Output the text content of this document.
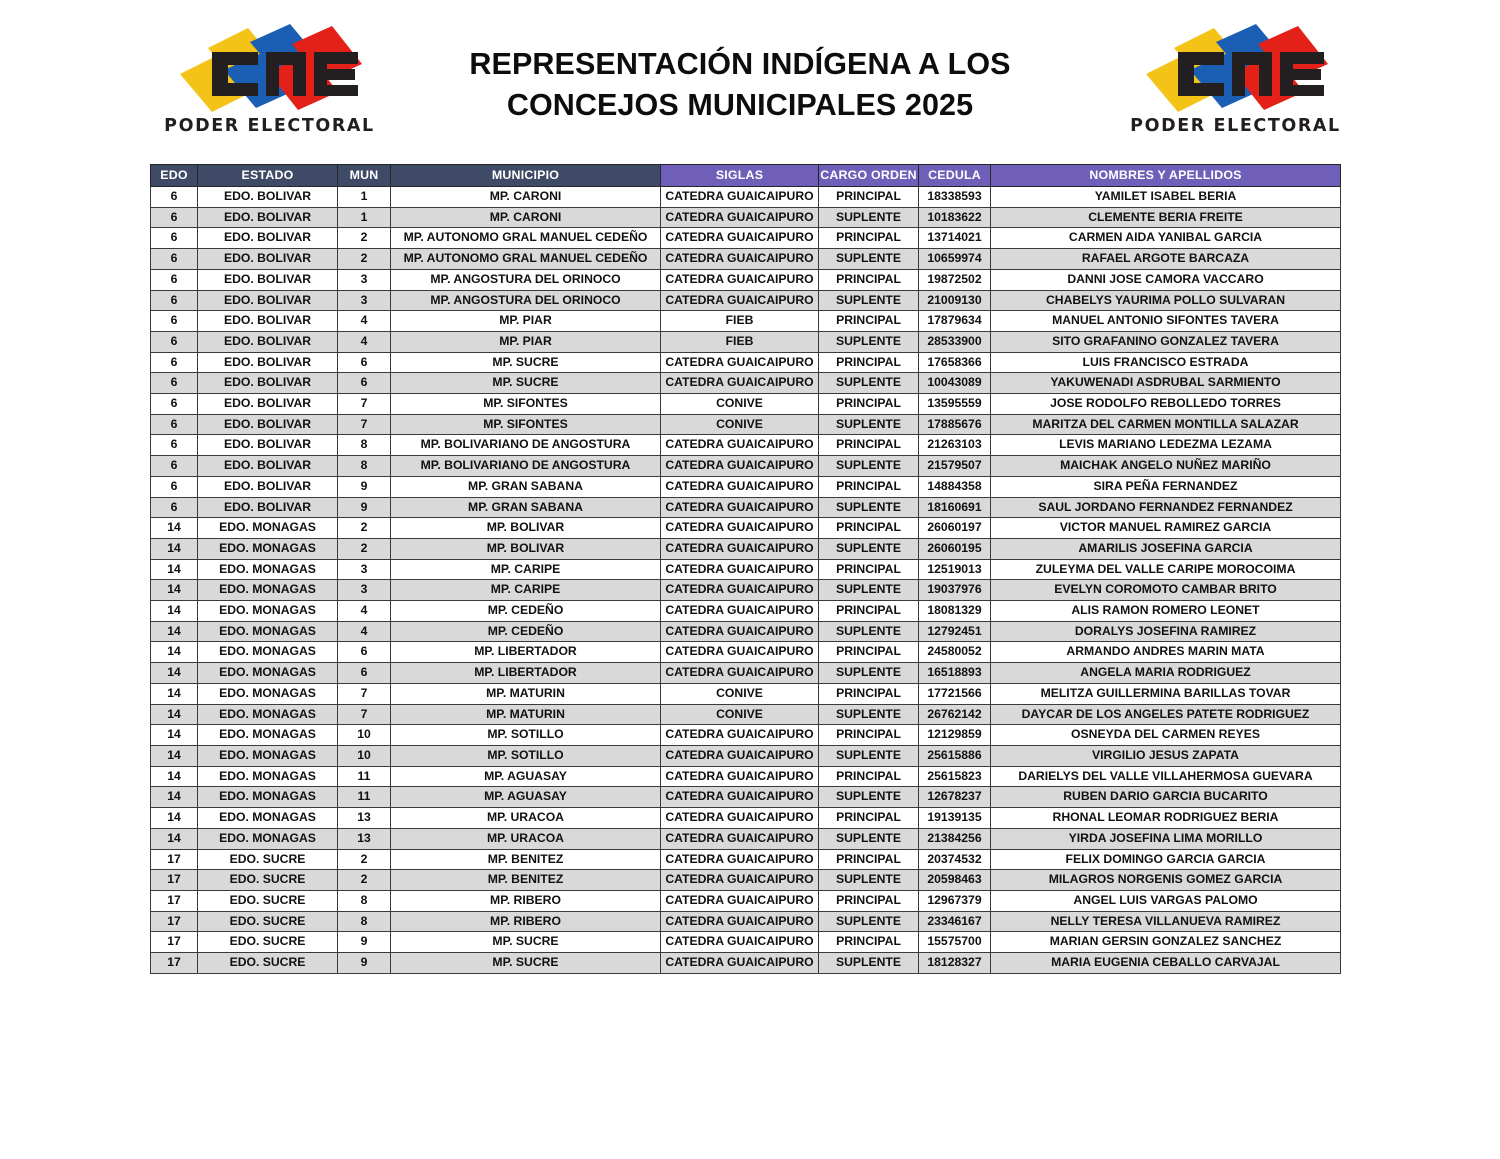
PODER ELECTORAL
REPRESENTACIÓN INDÍGENA A LOS
CONCEJOS MUNICIPALES 2025
PODER ELECTORAL
EDO	ESTADO	MUN	MUNICIPIO	SIGLAS	CARGO ORDEN	CEDULA	NOMBRES Y APELLIDOS
6	EDO. BOLIVAR	1	MP. CARONI	CATEDRA GUAICAIPURO	PRINCIPAL	18338593	YAMILET ISABEL BERIA
6	EDO. BOLIVAR	1	MP. CARONI	CATEDRA GUAICAIPURO	SUPLENTE	10183622	CLEMENTE BERIA FREITE
6	EDO. BOLIVAR	2	MP. AUTONOMO GRAL MANUEL CEDEÑO	CATEDRA GUAICAIPURO	PRINCIPAL	13714021	CARMEN AIDA YANIBAL GARCIA
6	EDO. BOLIVAR	2	MP. AUTONOMO GRAL MANUEL CEDEÑO	CATEDRA GUAICAIPURO	SUPLENTE	10659974	RAFAEL ARGOTE BARCAZA
6	EDO. BOLIVAR	3	MP. ANGOSTURA DEL ORINOCO	CATEDRA GUAICAIPURO	PRINCIPAL	19872502	DANNI JOSE CAMORA VACCARO
6	EDO. BOLIVAR	3	MP. ANGOSTURA DEL ORINOCO	CATEDRA GUAICAIPURO	SUPLENTE	21009130	CHABELYS YAURIMA POLLO SULVARAN
6	EDO. BOLIVAR	4	MP. PIAR	FIEB	PRINCIPAL	17879634	MANUEL ANTONIO SIFONTES TAVERA
6	EDO. BOLIVAR	4	MP. PIAR	FIEB	SUPLENTE	28533900	SITO GRAFANINO GONZALEZ TAVERA
6	EDO. BOLIVAR	6	MP. SUCRE	CATEDRA GUAICAIPURO	PRINCIPAL	17658366	LUIS FRANCISCO ESTRADA
6	EDO. BOLIVAR	6	MP. SUCRE	CATEDRA GUAICAIPURO	SUPLENTE	10043089	YAKUWENADI ASDRUBAL SARMIENTO
6	EDO. BOLIVAR	7	MP. SIFONTES	CONIVE	PRINCIPAL	13595559	JOSE RODOLFO REBOLLEDO TORRES
6	EDO. BOLIVAR	7	MP. SIFONTES	CONIVE	SUPLENTE	17885676	MARITZA DEL CARMEN MONTILLA SALAZAR
6	EDO. BOLIVAR	8	MP. BOLIVARIANO DE ANGOSTURA	CATEDRA GUAICAIPURO	PRINCIPAL	21263103	LEVIS MARIANO LEDEZMA LEZAMA
6	EDO. BOLIVAR	8	MP. BOLIVARIANO DE ANGOSTURA	CATEDRA GUAICAIPURO	SUPLENTE	21579507	MAICHAK ANGELO NUÑEZ MARIÑO
6	EDO. BOLIVAR	9	MP. GRAN SABANA	CATEDRA GUAICAIPURO	PRINCIPAL	14884358	SIRA PEÑA FERNANDEZ
6	EDO. BOLIVAR	9	MP. GRAN SABANA	CATEDRA GUAICAIPURO	SUPLENTE	18160691	SAUL JORDANO FERNANDEZ FERNANDEZ
14	EDO. MONAGAS	2	MP. BOLIVAR	CATEDRA GUAICAIPURO	PRINCIPAL	26060197	VICTOR MANUEL RAMIREZ GARCIA
14	EDO. MONAGAS	2	MP. BOLIVAR	CATEDRA GUAICAIPURO	SUPLENTE	26060195	AMARILIS JOSEFINA GARCIA
14	EDO. MONAGAS	3	MP. CARIPE	CATEDRA GUAICAIPURO	PRINCIPAL	12519013	ZULEYMA DEL VALLE CARIPE MOROCOIMA
14	EDO. MONAGAS	3	MP. CARIPE	CATEDRA GUAICAIPURO	SUPLENTE	19037976	EVELYN COROMOTO CAMBAR BRITO
14	EDO. MONAGAS	4	MP. CEDEÑO	CATEDRA GUAICAIPURO	PRINCIPAL	18081329	ALIS RAMON ROMERO LEONET
14	EDO. MONAGAS	4	MP. CEDEÑO	CATEDRA GUAICAIPURO	SUPLENTE	12792451	DORALYS JOSEFINA RAMIREZ
14	EDO. MONAGAS	6	MP. LIBERTADOR	CATEDRA GUAICAIPURO	PRINCIPAL	24580052	ARMANDO ANDRES MARIN MATA
14	EDO. MONAGAS	6	MP. LIBERTADOR	CATEDRA GUAICAIPURO	SUPLENTE	16518893	ANGELA MARIA RODRIGUEZ
14	EDO. MONAGAS	7	MP. MATURIN	CONIVE	PRINCIPAL	17721566	MELITZA GUILLERMINA BARILLAS TOVAR
14	EDO. MONAGAS	7	MP. MATURIN	CONIVE	SUPLENTE	26762142	DAYCAR DE LOS ANGELES PATETE RODRIGUEZ
14	EDO. MONAGAS	10	MP. SOTILLO	CATEDRA GUAICAIPURO	PRINCIPAL	12129859	OSNEYDA DEL CARMEN REYES
14	EDO. MONAGAS	10	MP. SOTILLO	CATEDRA GUAICAIPURO	SUPLENTE	25615886	VIRGILIO JESUS ZAPATA
14	EDO. MONAGAS	11	MP. AGUASAY	CATEDRA GUAICAIPURO	PRINCIPAL	25615823	DARIELYS DEL VALLE VILLAHERMOSA GUEVARA
14	EDO. MONAGAS	11	MP. AGUASAY	CATEDRA GUAICAIPURO	SUPLENTE	12678237	RUBEN DARIO GARCIA BUCARITO
14	EDO. MONAGAS	13	MP. URACOA	CATEDRA GUAICAIPURO	PRINCIPAL	19139135	RHONAL LEOMAR RODRIGUEZ BERIA
14	EDO. MONAGAS	13	MP. URACOA	CATEDRA GUAICAIPURO	SUPLENTE	21384256	YIRDA JOSEFINA LIMA MORILLO
17	EDO. SUCRE	2	MP. BENITEZ	CATEDRA GUAICAIPURO	PRINCIPAL	20374532	FELIX DOMINGO GARCIA GARCIA
17	EDO. SUCRE	2	MP. BENITEZ	CATEDRA GUAICAIPURO	SUPLENTE	20598463	MILAGROS NORGENIS GOMEZ GARCIA
17	EDO. SUCRE	8	MP. RIBERO	CATEDRA GUAICAIPURO	PRINCIPAL	12967379	ANGEL LUIS VARGAS PALOMO
17	EDO. SUCRE	8	MP. RIBERO	CATEDRA GUAICAIPURO	SUPLENTE	23346167	NELLY TERESA VILLANUEVA RAMIREZ
17	EDO. SUCRE	9	MP. SUCRE	CATEDRA GUAICAIPURO	PRINCIPAL	15575700	MARIAN GERSIN GONZALEZ SANCHEZ
17	EDO. SUCRE	9	MP. SUCRE	CATEDRA GUAICAIPURO	SUPLENTE	18128327	MARIA EUGENIA CEBALLO CARVAJAL
